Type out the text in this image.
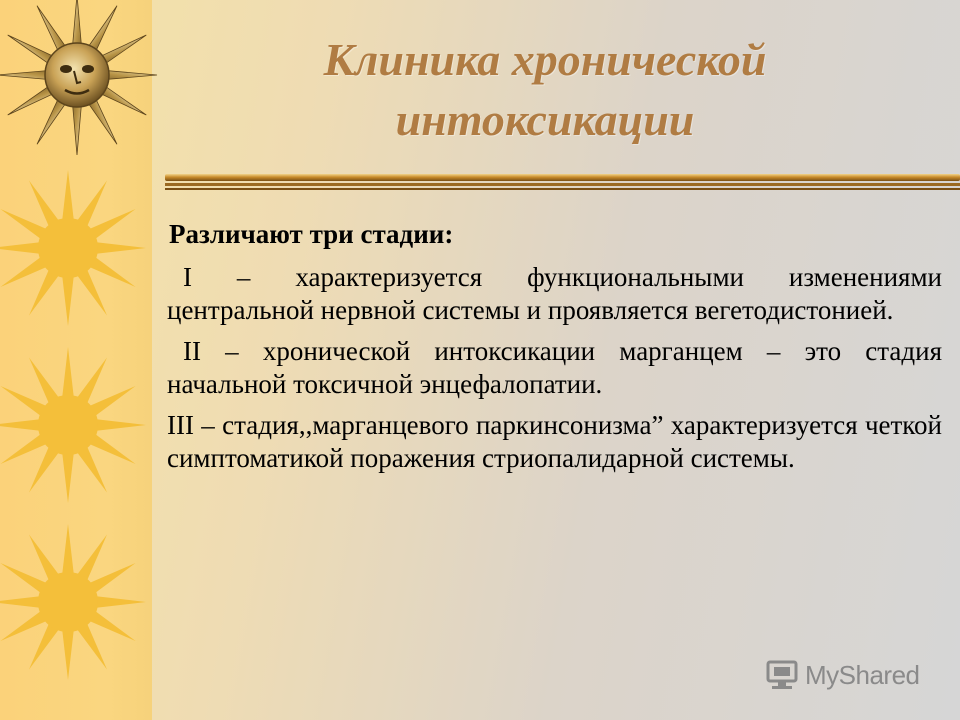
Клиника хронической
интоксикации
Различают три стадии:

I – характеризуется функциональными изменениями центральной нервной системы и проявляется вегетодистонией.

II – хронической интоксикации марганцем – это стадия начальной токсичной энцефалопатии.

III – стадия,,марганцевого паркинсонизма” характеризуется четкой симптоматикой поражения стриопалидарной системы.

MyShared
